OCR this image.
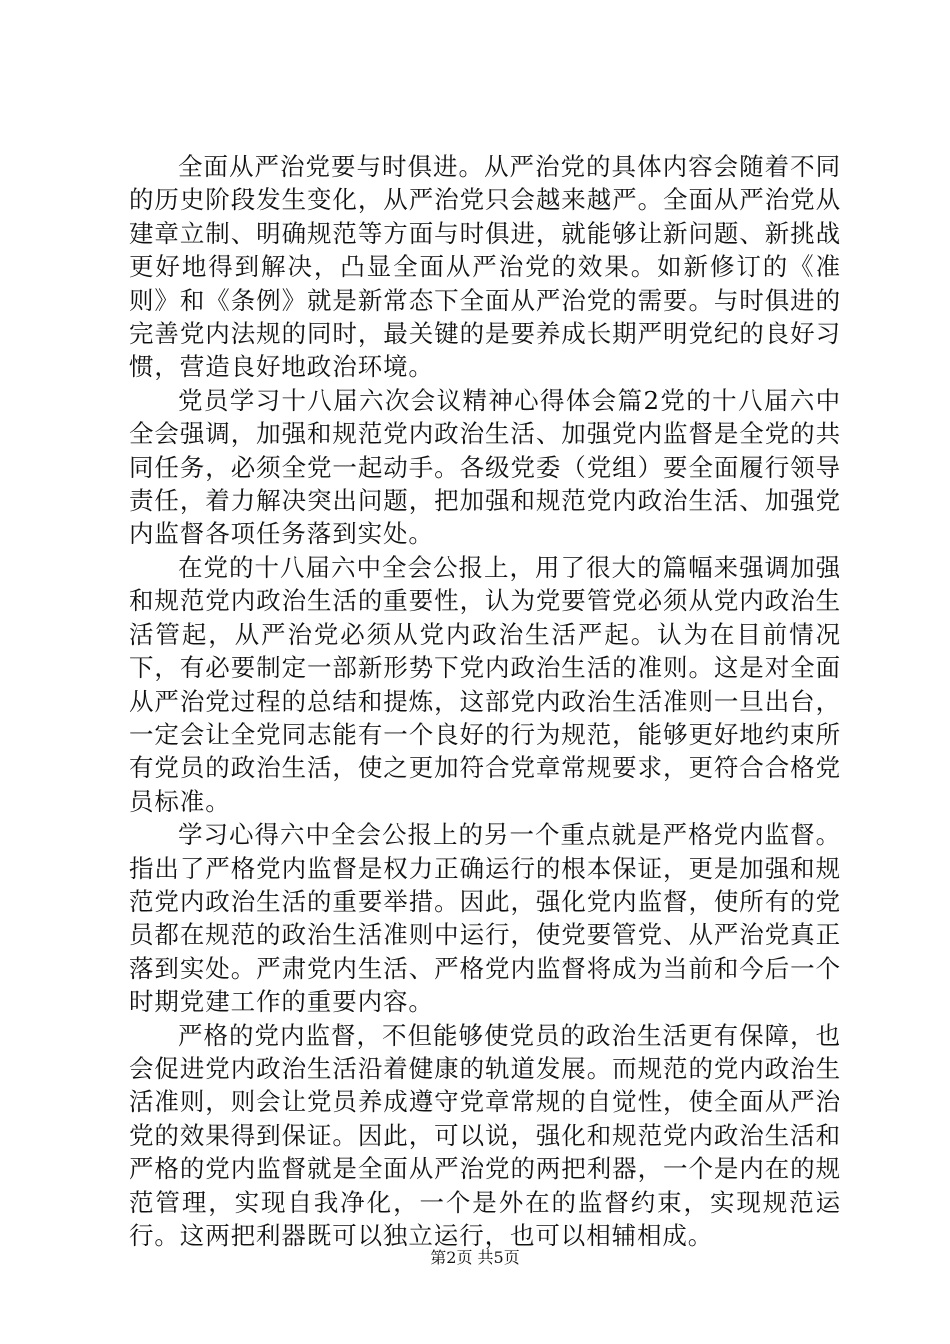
全面从严治党要与时俱进。从严治党的具体内容会随着不同的历史阶段发生变化，从严治党只会越来越严。全面从严治党从建章立制、明确规范等方面与时俱进，就能够让新问题、新挑战更好地得到解决，凸显全面从严治党的效果。如新修订的《准则》和《条例》就是新常态下全面从严治党的需要。与时俱进的完善党内法规的同时，最关键的是要养成长期严明党纪的良好习惯，营造良好地政治环境。

党员学习十八届六次会议精神心得体会篇2党的十八届六中全会强调，加强和规范党内政治生活、加强党内监督是全党的共同任务，必须全党一起动手。各级党委（党组）要全面履行领导责任，着力解决突出问题，把加强和规范党内政治生活、加强党内监督各项任务落到实处。

在党的十八届六中全会公报上，用了很大的篇幅来强调加强和规范党内政治生活的重要性，认为党要管党必须从党内政治生活管起，从严治党必须从党内政治生活严起。认为在目前情况下，有必要制定一部新形势下党内政治生活的准则。这是对全面从严治党过程的总结和提炼，这部党内政治生活准则一旦出台，一定会让全党同志能有一个良好的行为规范，能够更好地约束所有党员的政治生活，使之更加符合党章常规要求，更符合合格党员标准。

学习心得六中全会公报上的另一个重点就是严格党内监督。指出了严格党内监督是权力正确运行的根本保证，更是加强和规范党内政治生活的重要举措。因此，强化党内监督，使所有的党员都在规范的政治生活准则中运行，使党要管党、从严治党真正落到实处。严肃党内生活、严格党内监督将成为当前和今后一个时期党建工作的重要内容。

严格的党内监督，不但能够使党员的政治生活更有保障，也会促进党内政治生活沿着健康的轨道发展。而规范的党内政治生活准则，则会让党员养成遵守党章常规的自觉性，使全面从严治党的效果得到保证。因此，可以说，强化和规范党内政治生活和严格的党内监督就是全面从严治党的两把利器，一个是内在的规范管理，实现自我净化，一个是外在的监督约束，实现规范运行。这两把利器既可以独立运行，也可以相辅相成。

第2页 共5页
